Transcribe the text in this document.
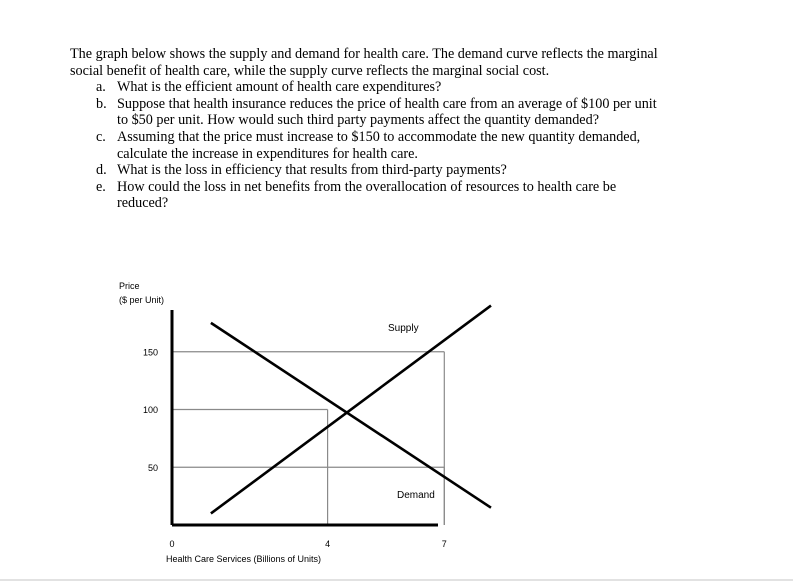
The graph below shows the supply and demand for health care. The demand curve reflects the marginal social benefit of health care, while the supply curve reflects the marginal social cost.

a. What is the efficient amount of health care expenditures?
b. Suppose that health insurance reduces the price of health care from an average of $100 per unit to $50 per unit. How would such third party payments affect the quantity demanded?
c. Assuming that the price must increase to $150 to accommodate the new quantity demanded, calculate the increase in expenditures for health care.
d. What is the loss in efficiency that results from third-party payments?
e. How could the loss in net benefits from the overallocation of resources to health care be reduced?
Supply
Demand
50
100
150
0	4	7
Price
($ per Unit)
Health Care Services (Billions of Units)
